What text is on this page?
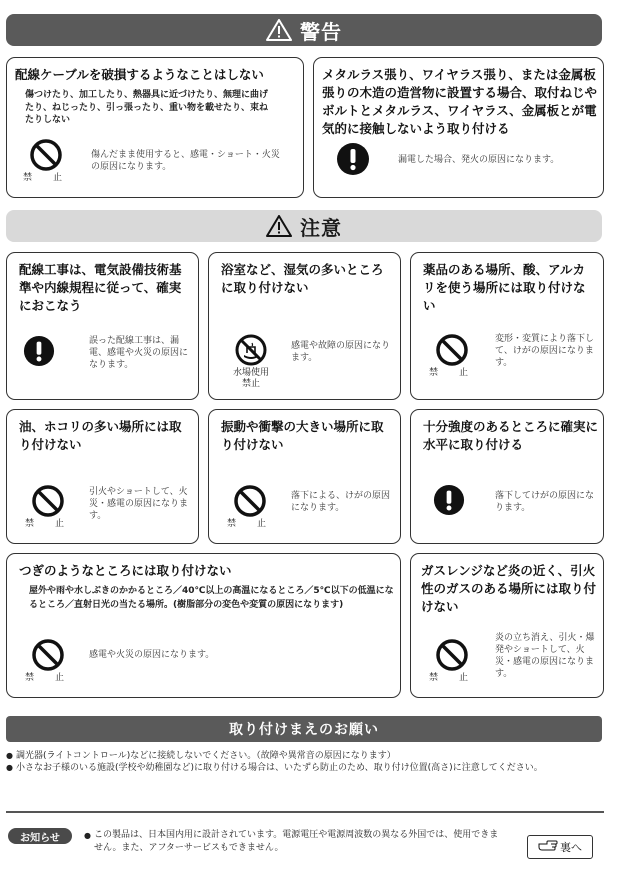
警告
配線ケーブルを破損するようなことはしない
傷つけたり、加工したり、熱器具に近づけたり、無理に曲げたり、ねじったり、引っ張ったり、重い物を載せたり、束ねたりしない
禁　止
傷んだまま使用すると、感電・ショート・火災の原因になります。
メタルラス張り、ワイヤラス張り、または金属板張りの木造の造営物に設置する場合、取付ねじやボルトとメタルラス、ワイヤラス、金属板とが電気的に接触しないよう取り付ける
漏電した場合、発火の原因になります。
注意
配線工事は、電気設備技術基準や内線規程に従って、確実におこなう
誤った配線工事は、漏電、感電や火災の原因になります。
浴室など、湿気の多いところに取り付けない
水場使用禁止
感電や故障の原因になります。
薬品のある場所、酸、アルカリを使う場所には取り付けない
禁　止
変形・変質により落下して、けがの原因になります。
油、ホコリの多い場所には取り付けない
禁　止
引火やショートして、火災・感電の原因になります。
振動や衝撃の大きい場所に取り付けない
禁　止
落下による、けがの原因になります。
十分強度のあるところに確実に水平に取り付ける
落下してけがの原因になります。
つぎのようなところには取り付けない
屋外や雨や水しぶきのかかるところ／40℃以上の高温になるところ／5℃以下の低温になるところ／直射日光の当たる場所。(樹脂部分の変色や変質の原因になります)
禁　止
感電や火災の原因になります。
ガスレンジなど炎の近く、引火性のガスのある場所には取り付けない
禁　止
炎の立ち消え、引火・爆発やショートして、火災・感電の原因になります。
取り付けまえのお願い
● 調光器(ライトコントロール)などに接続しないでください。（故障や異常音の原因になります）
● 小さなお子様のいる施設(学校や幼稚園など)に取り付ける場合は、いたずら防止のため、取り付け位置(高さ)に注意してください。
お知らせ
●	この製品は、日本国内用に設計されています。電源電圧や電源周波数の異なる外国では、使用できません。また、アフターサービスもできません。	裏へ
